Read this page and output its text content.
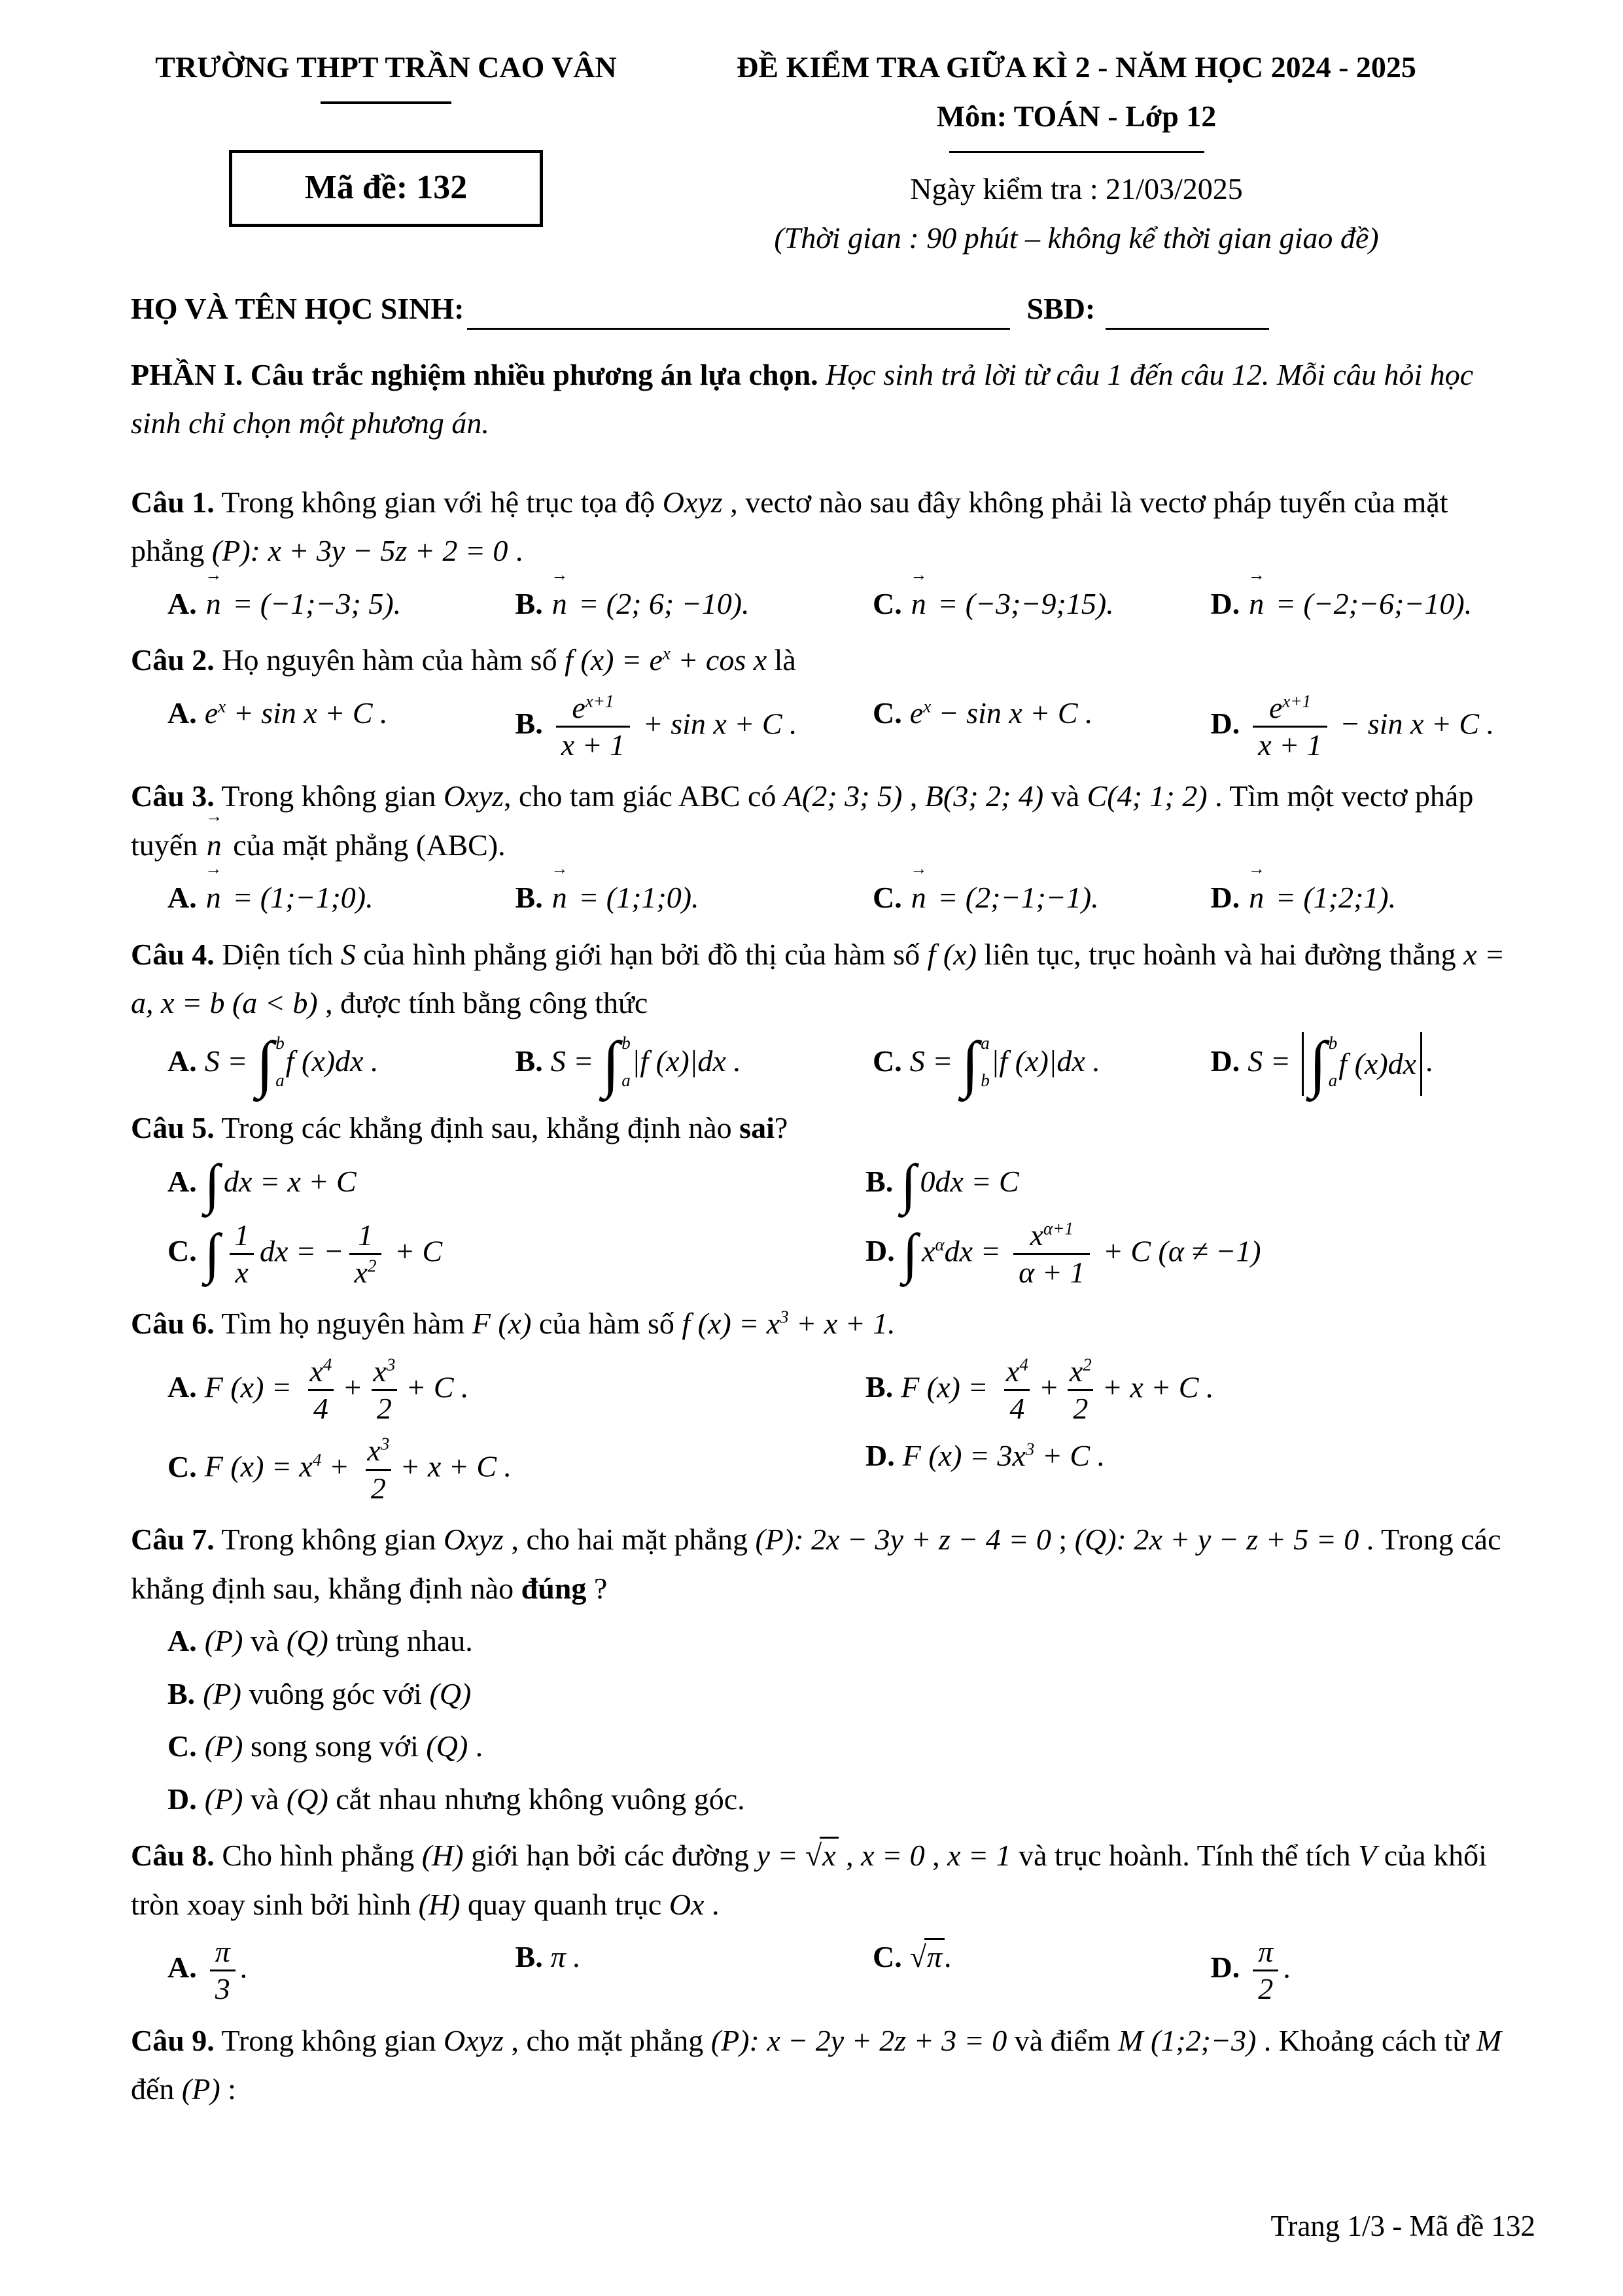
TRƯỜNG THPT TRẦN CAO VÂN
Mã đề: 132
ĐỀ KIỂM TRA GIỮA KÌ 2 - NĂM HỌC 2024 - 2025
Môn: TOÁN - Lớp 12
Ngày kiểm tra : 21/03/2025
(Thời gian : 90 phút – không kể thời gian giao đề)
HỌ VÀ TÊN HỌC SINH:	SBD:

PHẦN I. Câu trắc nghiệm nhiều phương án lựa chọn. Học sinh trả lời từ câu 1 đến câu 12. Mỗi câu hỏi học sinh chỉ chọn một phương án.

Câu 1. Trong không gian với hệ trục tọa độ Oxyz , vectơ nào sau đây không phải là vectơ pháp tuyến của mặt phẳng (P): x + 3y − 5z + 2 = 0 .

A. n → = (−1;−3; 5).	B. n → = (2; 6; −10).	C. n → = (−3;−9;15).	D. n → = (−2;−6;−10).

Câu 2. Họ nguyên hàm của hàm số f $(x) = e^x + \cos x$ là

A. $e^x + \sin x + C$ .	B. $\frac{e^{x+1}}{x + 1} + \sin x + C$ .	C. $e^x - \sin x + C$ .	D. $\frac{e^{x+1}}{x + 1} - \sin x + C$ .

Câu 3. Trong không gian Oxyz, cho tam giác ABC có A(2; 3; 5) , B(3; 2; 4) và C(4; 1; 2) . Tìm một vectơ pháp tuyến n → của mặt phẳng (ABC).

A. n → = (1;−1;0).	B. n → = (1;1;0).	C. n → = (2;−1;−1).	D. n → = (1;2;1).

Câu 4. Diện tích S của hình phẳng giới hạn bởi đồ thị của hàm số f (x) liên tục, trục hoành và hai đường thẳng x = a, x = b (a < b) , được tính bằng công thức

A. S = ∫ b
a
f (x)dx .	B. S = ∫ b
a
|f (x)|dx .	C. S = ∫ a
b
|f (x)|dx .	D. S = ∫ b
a
f (x)dx .

Câu 5. Trong các khẳng định sau, khẳng định nào sai?

A. ∫ dx = x + C	B. ∫ 0dx = C
C. ∫ $\frac{1}{x}$ dx = − $\frac{1}{x^2} + C$	D. ∫ $x^\alpha dx = \frac{x^{\alpha+1}}{\alpha + 1} + C$ (α ≠ −1)

Câu 6. Tìm họ nguyên hàm F (x) của hàm số f $(x) = x^3 + x + 1$.

A. F $(x) = \frac{x^4}{4} + \frac{x^3}{2} + C$ .	B. F $(x) = \frac{x^4}{4} + \frac{x^2}{2} + x + C$ .
C. F $(x) = x^4 + \frac{x^3}{2} + x + C$ .	D. F $(x) = 3x^3 + C$ .

Câu 7. Trong không gian Oxyz , cho hai mặt phẳng (P): 2x − 3y + z − 4 = 0 ; (Q): 2x + y − z + 5 = 0 . Trong các khẳng định sau, khẳng định nào đúng ?

A. (P) và (Q) trùng nhau.
B. (P) vuông góc với (Q)
C. (P) song song với (Q) .
D. (P) và (Q) cắt nhau nhưng không vuông góc.

Câu 8. Cho hình phẳng (H) giới hạn bởi các đường y = √x , x = 0 , x = 1 và trục hoành. Tính thể tích V của khối tròn xoay sinh bởi hình (H) quay quanh trục Ox .

A. $\frac{\pi}{3}$ .	B. π .	C. √π.	D. $\frac{\pi}{2}$ .

Câu 9. Trong không gian Oxyz , cho mặt phẳng (P): x − 2y + 2z + 3 = 0 và điểm M (1;2;−3) . Khoảng cách từ M đến (P) :

Trang 1/3 - Mã đề 132
